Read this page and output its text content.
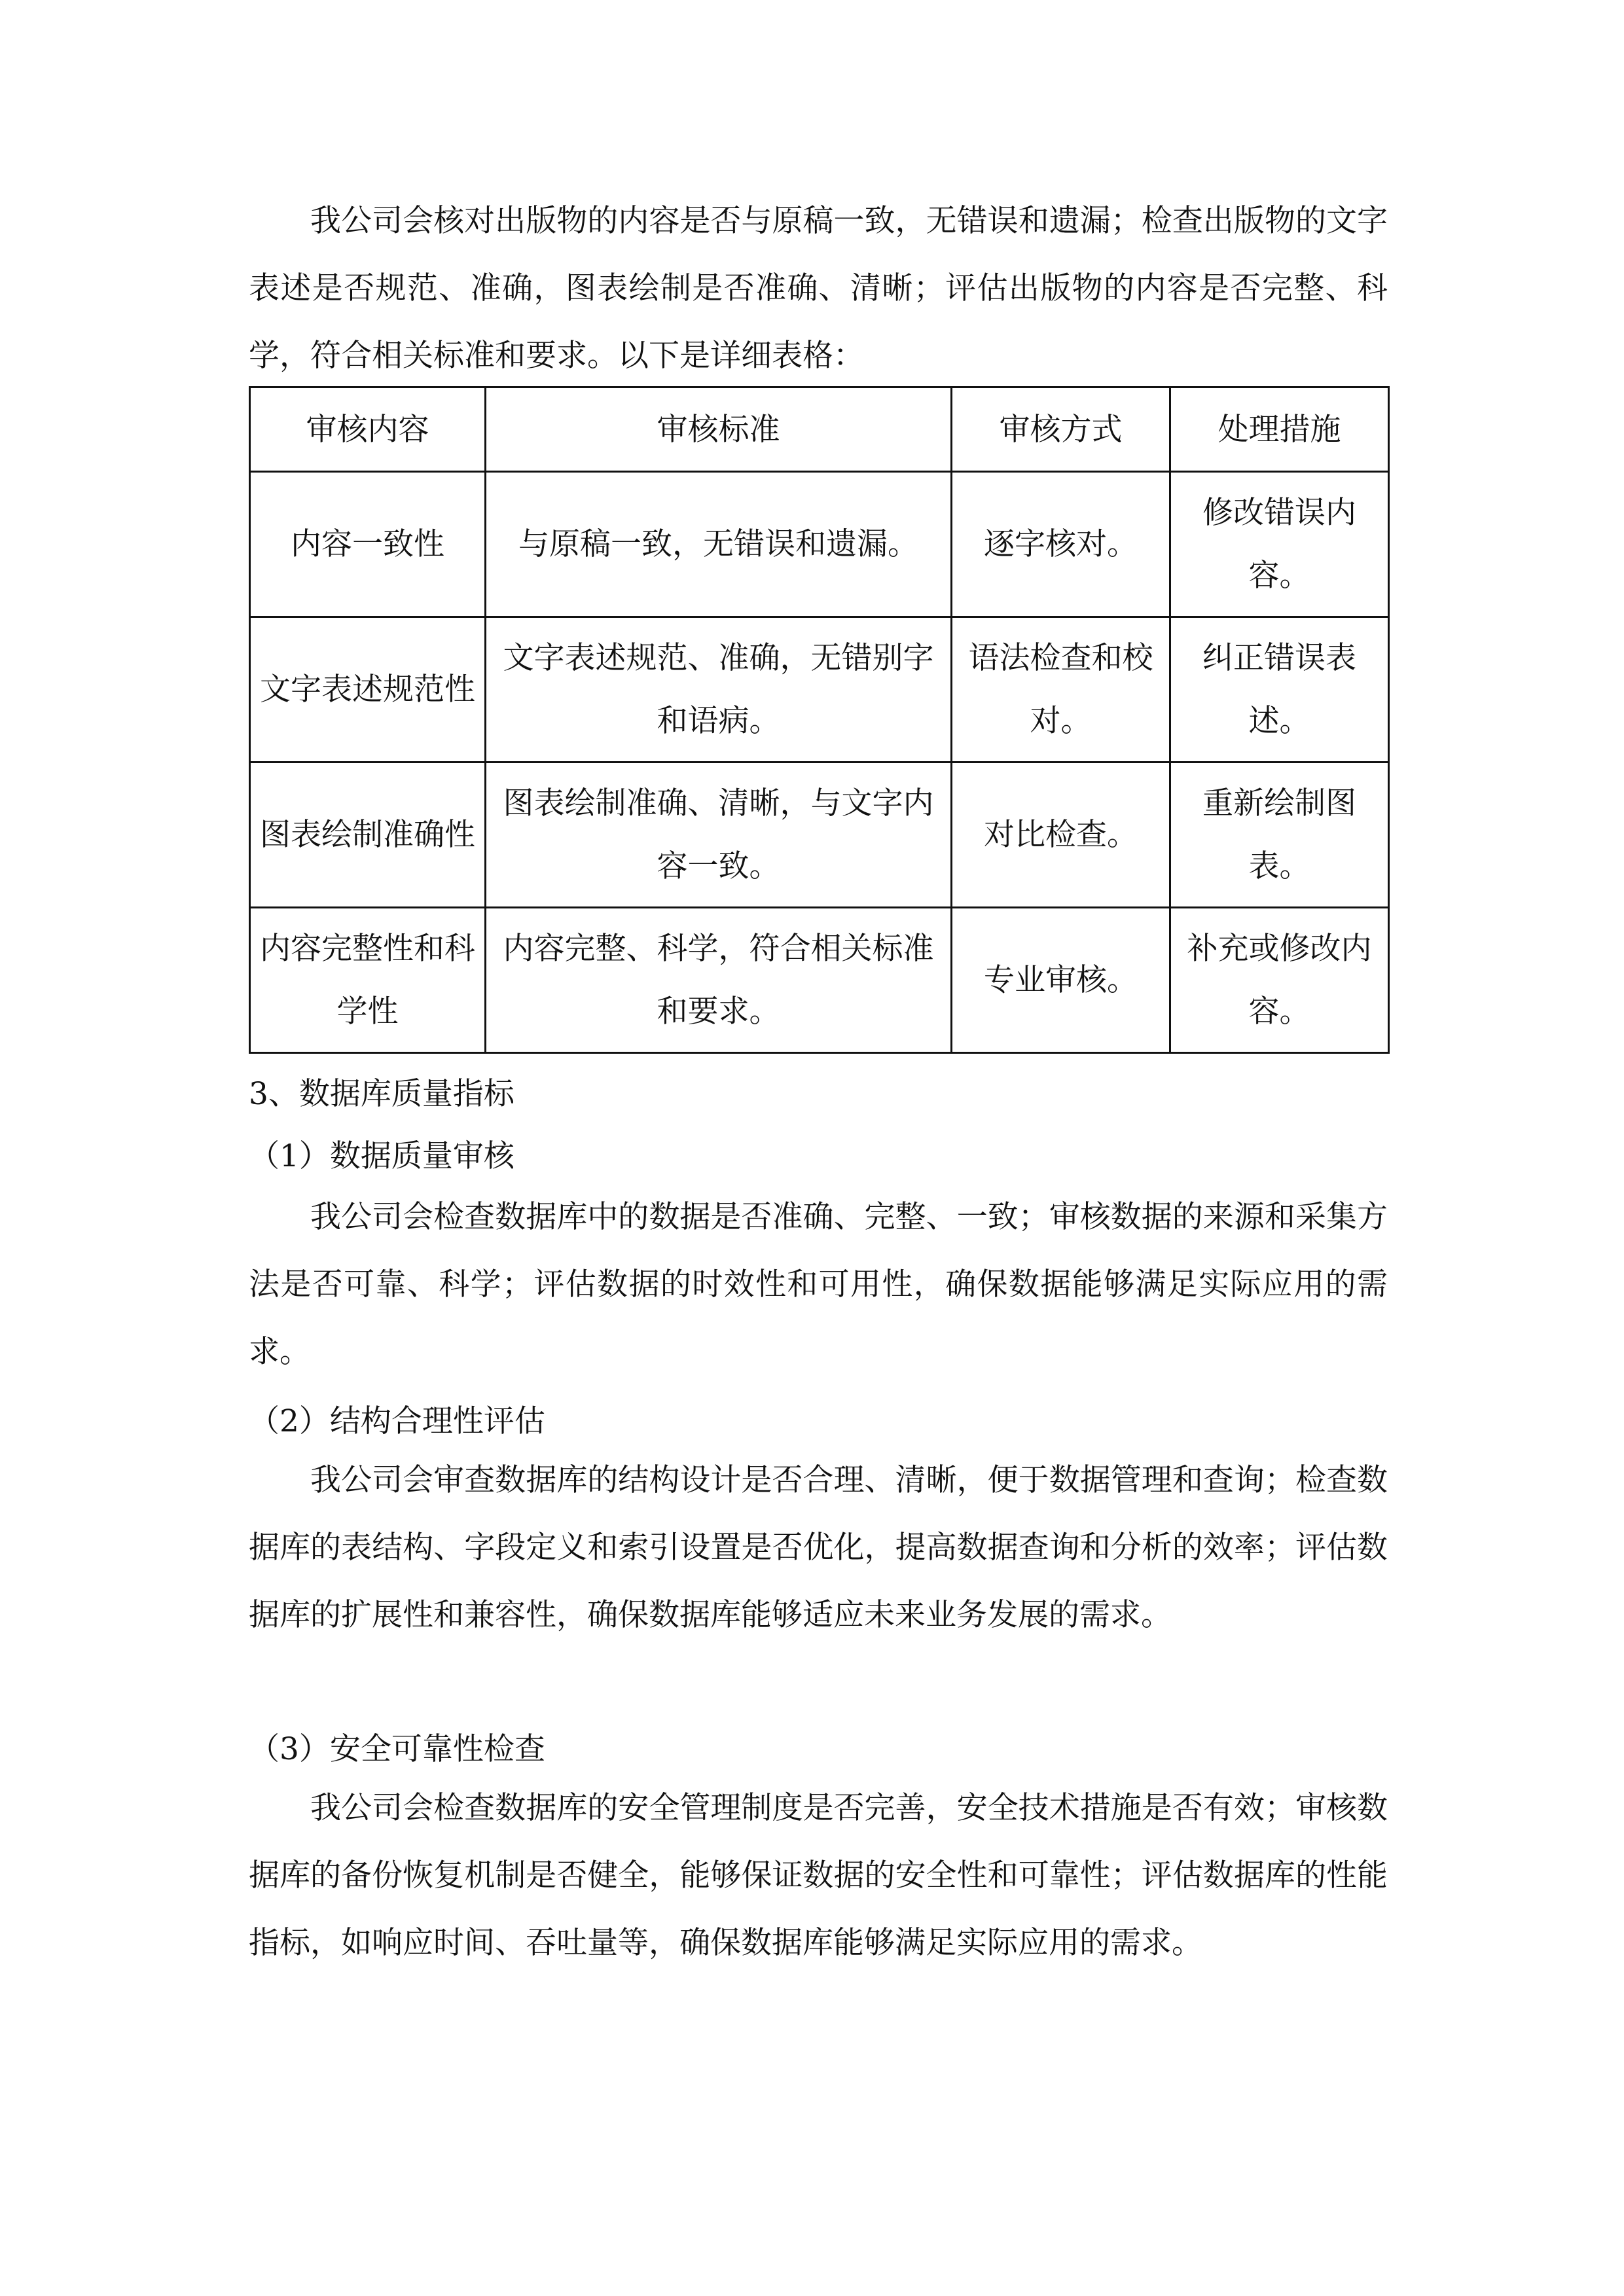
我公司会核对出版物的内容是否与原稿一致，无错误和遗漏；检查出版物的文字表述是否规范、准确，图表绘制是否准确、清晰；评估出版物的内容是否完整、科学，符合相关标准和要求。以下是详细表格：

审核内容	审核标准	审核方式	处理措施
内容一致性	与原稿一致，无错误和遗漏。	逐字核对。	修改错误内容。
文字表述规范性	文字表述规范、准确，无错别字和语病。	语法检查和校对。	纠正错误表述。
图表绘制准确性	图表绘制准确、清晰，与文字内容一致。	对比检查。	重新绘制图表。
内容完整性和科学性	内容完整、科学，符合相关标准和要求。	专业审核。	补充或修改内容。

3、数据库质量指标

（1）数据质量审核

我公司会检查数据库中的数据是否准确、完整、一致；审核数据的来源和采集方法是否可靠、科学；评估数据的时效性和可用性，确保数据能够满足实际应用的需求。

（2）结构合理性评估

我公司会审查数据库的结构设计是否合理、清晰，便于数据管理和查询；检查数据库的表结构、字段定义和索引设置是否优化，提高数据查询和分析的效率；评估数据库的扩展性和兼容性，确保数据库能够适应未来业务发展的需求。

（3）安全可靠性检查

我公司会检查数据库的安全管理制度是否完善，安全技术措施是否有效；审核数据库的备份恢复机制是否健全，能够保证数据的安全性和可靠性；评估数据库的性能指标，如响应时间、吞吐量等，确保数据库能够满足实际应用的需求。
